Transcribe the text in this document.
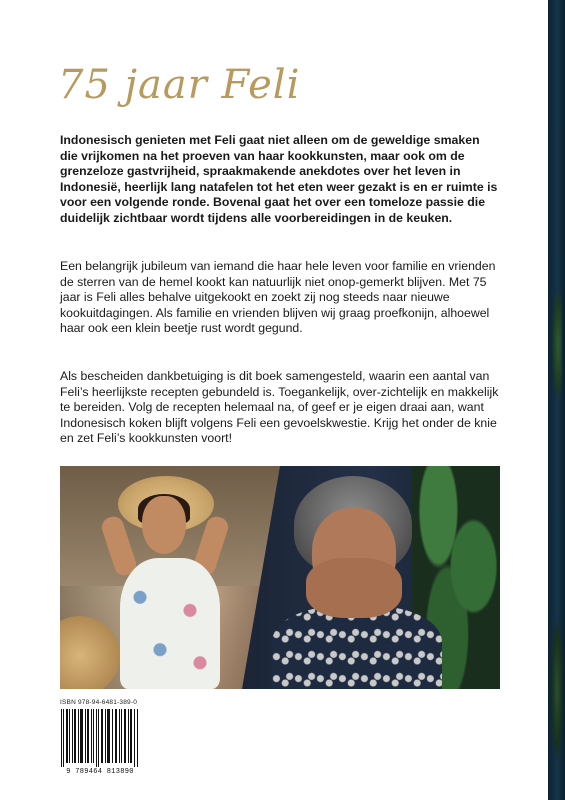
75 jaar Feli

Indonesisch genieten met Feli gaat niet alleen om de geweldige smaken die vrijkomen na het proeven van haar kookkunsten, maar ook om de grenzeloze gastvrijheid, spraakmakende anekdotes over het leven in Indonesië, heerlijk lang natafelen tot het eten weer gezakt is en er ruimte is voor een volgende ronde. Bovenal gaat het over een tomeloze passie die duidelijk zichtbaar wordt tijdens alle voorbereidingen in de keuken.

Een belangrijk jubileum van iemand die haar hele leven voor familie en vrienden de sterren van de hemel kookt kan natuurlijk niet onop-gemerkt blijven. Met 75 jaar is Feli alles behalve uitgekookt en zoekt zij nog steeds naar nieuwe kookuitdagingen. Als familie en vrienden blijven wij graag proefkonijn, alhoewel haar ook een klein beetje rust wordt gegund.

Als bescheiden dankbetuiging is dit boek samengesteld, waarin een aantal van Feli’s heerlijkste recepten gebundeld is. Toegankelijk, over-zichtelijk en makkelijk te bereiden. Volg de recepten helemaal na, of geef er je eigen draai aan, want Indonesisch koken blijft volgens Feli een gevoelskwestie. Krijg het onder de knie en zet Feli’s kookkunsten voort!

ISBN 978-94-6481-389-0

9 789464 813890
